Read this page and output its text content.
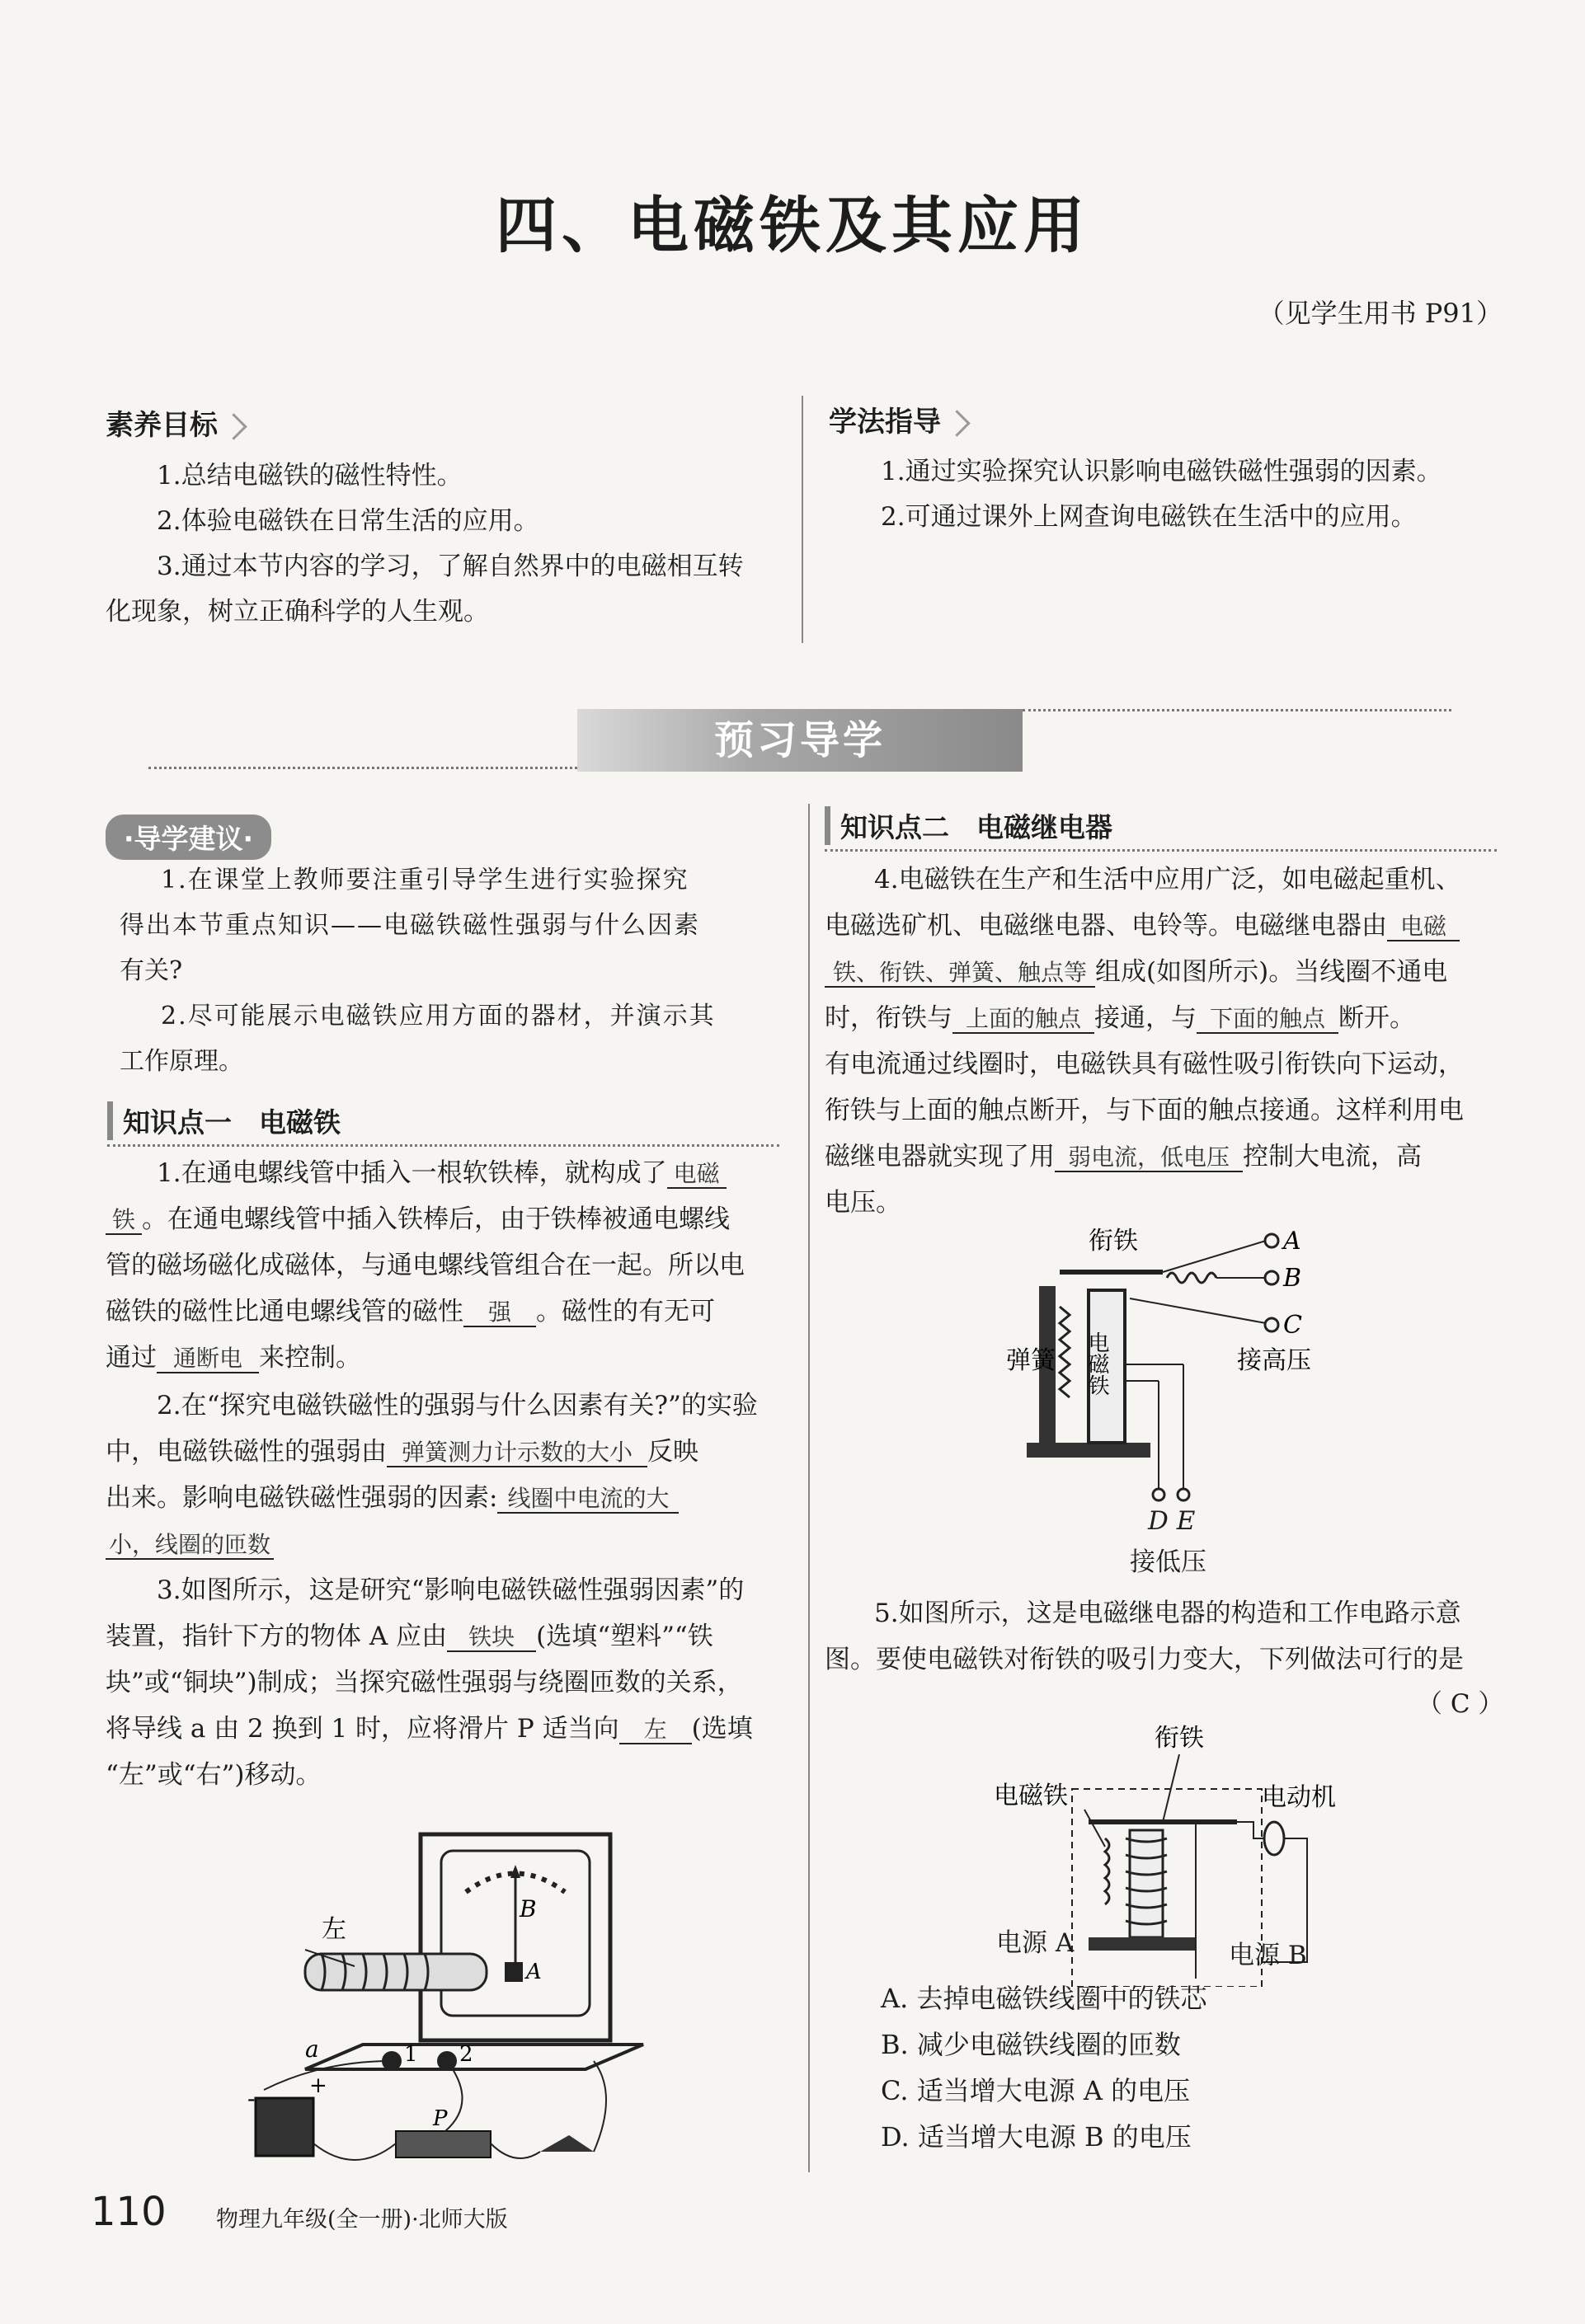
四、电磁铁及其应用
（见学生用书 P91）
素养目标
1.总结电磁铁的磁性特性。
2.体验电磁铁在日常生活的应用。
3.通过本节内容的学习，了解自然界中的电磁相互转
化现象，树立正确科学的人生观。
学法指导
1.通过实验探究认识影响电磁铁磁性强弱的因素。
2.可通过课外上网查询电磁铁在生活中的应用。
预习导学
·导学建议·
1.在课堂上教师要注重引导学生进行实验探究
得出本节重点知识——电磁铁磁性强弱与什么因素
有关?
2.尽可能展示电磁铁应用方面的器材，并演示其
工作原理。
知识点一　电磁铁
1.在通电螺线管中插入一根软铁棒，就构成了 电磁
铁 。在通电螺线管中插入铁棒后，由于铁棒被通电螺线
管的磁场磁化成磁体，与通电螺线管组合在一起。所以电
磁铁的磁性比通电螺线管的磁性 强 。磁性的有无可
通过 通断电 来控制。
2.在“探究电磁铁磁性的强弱与什么因素有关?”的实验
中，电磁铁磁性的强弱由 弹簧测力计示数的大小 反映
出来。影响电磁铁磁性强弱的因素: 线圈中电流的大
小，线圈的匝数
3.如图所示，这是研究“影响电磁铁磁性强弱因素”的
装置，指针下方的物体 A 应由 铁块 (选填“塑料”“铁
块”或“铜块”)制成；当探究磁性强弱与绕圈匝数的关系，
将导线 a 由 2 换到 1 时，应将滑片 P 适当向 左 (选填
“左”或“右”)移动。
B
A
左
1 2
a
-	+
P
知识点二　电磁继电器
4.电磁铁在生产和生活中应用广泛，如电磁起重机、
电磁选矿机、电磁继电器、电铃等。电磁继电器由 电磁
铁、衔铁、弹簧、触点等 组成(如图所示)。当线圈不通电
时，衔铁与 上面的触点 接通，与 下面的触点 断开。
有电流通过线圈时，电磁铁具有磁性吸引衔铁向下运动，
衔铁与上面的触点断开，与下面的触点接通。这样利用电
磁继电器就实现了用 弱电流，低电压 控制大电流，高
电压。
衔铁	A
B
C
接高压
弹簧 电磁铁
D E
接低压
5.如图所示，这是电磁继电器的构造和工作电路示意
图。要使电磁铁对衔铁的吸引力变大，下列做法可行的是
（ C ）
衔铁
电磁铁	电动机
电源 A	电源 B
A. 去掉电磁铁线圈中的铁芯
B. 减少电磁铁线圈的匝数
C. 适当增大电源 A 的电压
D. 适当增大电源 B 的电压
110 物理九年级(全一册)·北师大版
